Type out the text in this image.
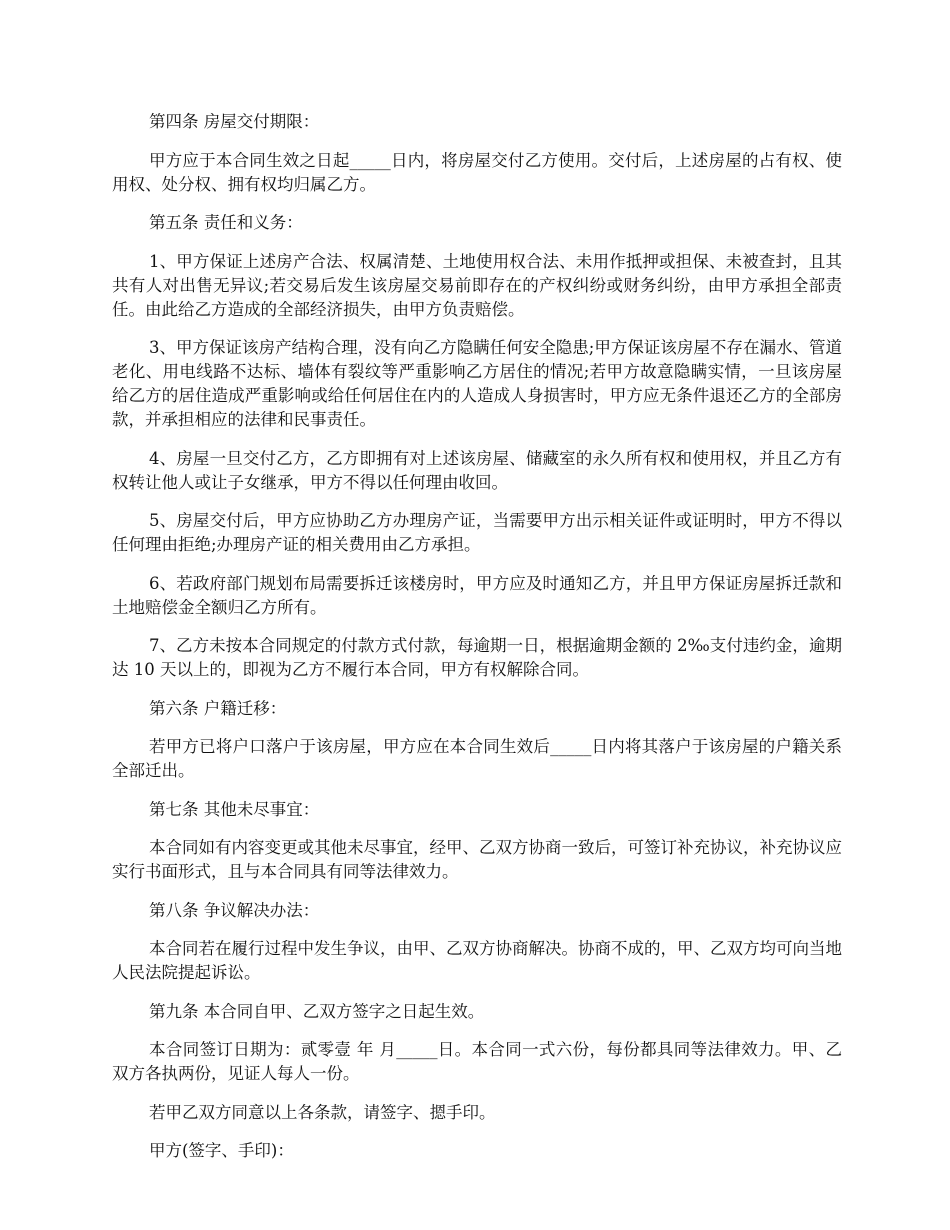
第四条 房屋交付期限：

甲方应于本合同生效之日起_____日内，将房屋交付乙方使用。交付后，上述房屋的占有权、使用权、处分权、拥有权均归属乙方。

第五条 责任和义务：

1、甲方保证上述房产合法、权属清楚、土地使用权合法、未用作抵押或担保、未被查封，且其共有人对出售无异议;若交易后发生该房屋交易前即存在的产权纠纷或财务纠纷，由甲方承担全部责任。由此给乙方造成的全部经济损失，由甲方负责赔偿。

3、甲方保证该房产结构合理，没有向乙方隐瞒任何安全隐患;甲方保证该房屋不存在漏水、管道老化、用电线路不达标、墙体有裂纹等严重影响乙方居住的情况;若甲方故意隐瞒实情，一旦该房屋给乙方的居住造成严重影响或给任何居住在内的人造成人身损害时，甲方应无条件退还乙方的全部房款，并承担相应的法律和民事责任。

4、房屋一旦交付乙方，乙方即拥有对上述该房屋、储藏室的永久所有权和使用权，并且乙方有权转让他人或让子女继承，甲方不得以任何理由收回。

5、房屋交付后，甲方应协助乙方办理房产证，当需要甲方出示相关证件或证明时，甲方不得以任何理由拒绝;办理房产证的相关费用由乙方承担。

6、若政府部门规划布局需要拆迁该楼房时，甲方应及时通知乙方，并且甲方保证房屋拆迁款和土地赔偿金全额归乙方所有。

7、乙方未按本合同规定的付款方式付款，每逾期一日，根据逾期金额的 2‰支付违约金，逾期达 10 天以上的，即视为乙方不履行本合同，甲方有权解除合同。

第六条 户籍迁移：

若甲方已将户口落户于该房屋，甲方应在本合同生效后_____日内将其落户于该房屋的户籍关系全部迁出。

第七条 其他未尽事宜：

本合同如有内容变更或其他未尽事宜，经甲、乙双方协商一致后，可签订补充协议，补充协议应实行书面形式，且与本合同具有同等法律效力。

第八条 争议解决办法：

本合同若在履行过程中发生争议，由甲、乙双方协商解决。协商不成的，甲、乙双方均可向当地人民法院提起诉讼。

第九条 本合同自甲、乙双方签字之日起生效。

本合同签订日期为：贰零壹 年 月_____日。本合同一式六份，每份都具同等法律效力。甲、乙双方各执两份，见证人每人一份。

若甲乙双方同意以上各条款，请签字、摁手印。

甲方(签字、手印)：
